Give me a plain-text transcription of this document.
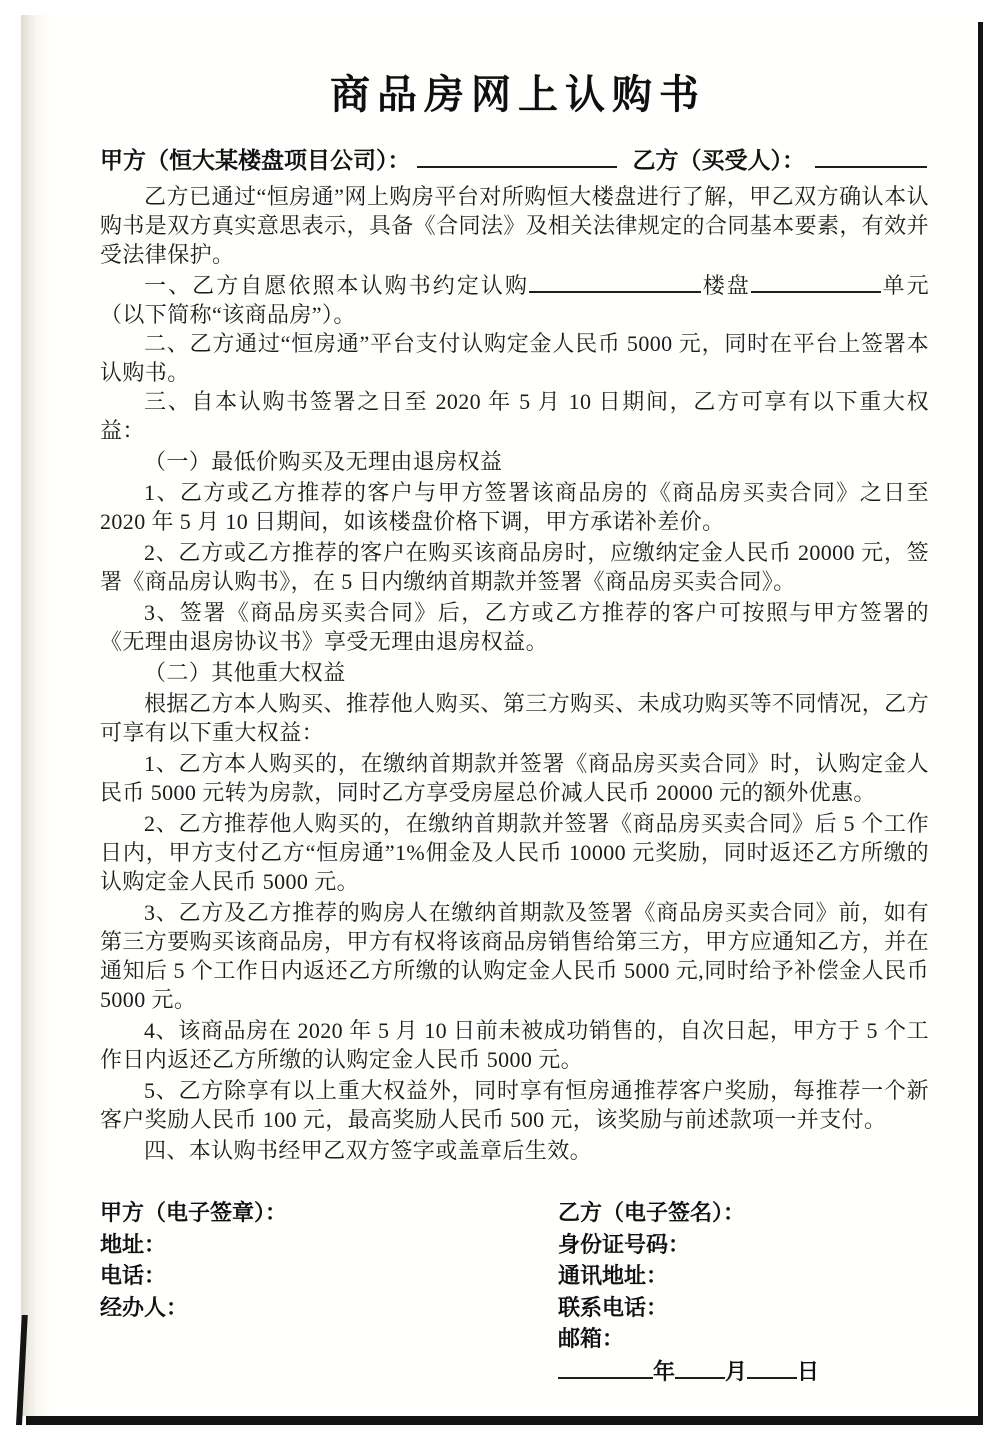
商品房网上认购书
甲方（恒大某楼盘项目公司）：	乙方（买受人）：

乙方已通过“恒房通”网上购房平台对所购恒大楼盘进行了解，甲乙双方确认本认购书是双方真实意思表示，具备《合同法》及相关法律规定的合同基本要素，有效并受法律保护。

一、乙方自愿依照本认购书约定认购	楼盘	单元（以下简称“该商品房”）。

二、乙方通过“恒房通”平台支付认购定金人民币 5000 元，同时在平台上签署本认购书。

三、自本认购书签署之日至 2020 年 5 月 10 日期间，乙方可享有以下重大权益：

（一）最低价购买及无理由退房权益

1、乙方或乙方推荐的客户与甲方签署该商品房的《商品房买卖合同》之日至 2020 年 5 月 10 日期间，如该楼盘价格下调，甲方承诺补差价。

2、乙方或乙方推荐的客户在购买该商品房时，应缴纳定金人民币 20000 元，签署《商品房认购书》，在 5 日内缴纳首期款并签署《商品房买卖合同》。

3、签署《商品房买卖合同》后，乙方或乙方推荐的客户可按照与甲方签署的《无理由退房协议书》享受无理由退房权益。

（二）其他重大权益

根据乙方本人购买、推荐他人购买、第三方购买、未成功购买等不同情况，乙方可享有以下重大权益：

1、乙方本人购买的，在缴纳首期款并签署《商品房买卖合同》时，认购定金人民币 5000 元转为房款，同时乙方享受房屋总价减人民币 20000 元的额外优惠。

2、乙方推荐他人购买的，在缴纳首期款并签署《商品房买卖合同》后 5 个工作日内，甲方支付乙方“恒房通”1%佣金及人民币 10000 元奖励，同时返还乙方所缴的认购定金人民币 5000 元。

3、乙方及乙方推荐的购房人在缴纳首期款及签署《商品房买卖合同》前，如有第三方要购买该商品房，甲方有权将该商品房销售给第三方，甲方应通知乙方，并在通知后 5 个工作日内返还乙方所缴的认购定金人民币 5000 元,同时给予补偿金人民币 5000 元。

4、该商品房在 2020 年 5 月 10 日前未被成功销售的，自次日起，甲方于 5 个工作日内返还乙方所缴的认购定金人民币 5000 元。

5、乙方除享有以上重大权益外，同时享有恒房通推荐客户奖励，每推荐一个新客户奖励人民币 100 元，最高奖励人民币 500 元，该奖励与前述款项一并支付。

四、本认购书经甲乙双方签字或盖章后生效。

甲方（电子签章）：
地址：
电话：
经办人：
乙方（电子签名）：
身份证号码：
通讯地址：
联系电话：
邮箱：
年 月 日
